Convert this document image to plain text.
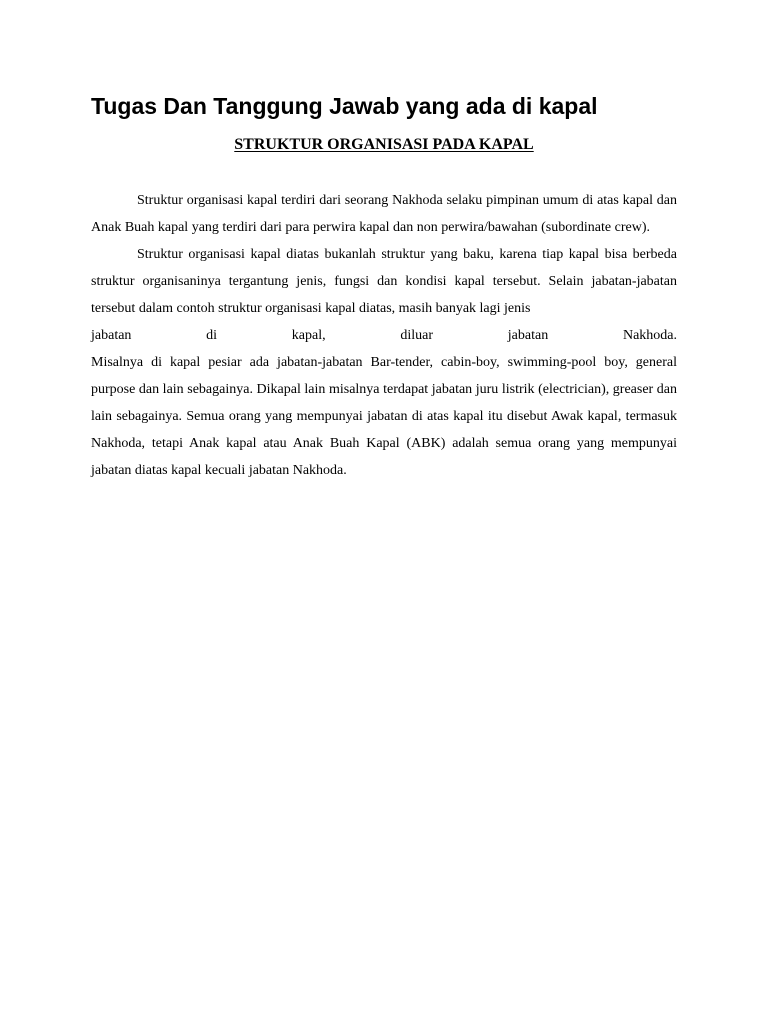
Tugas Dan Tanggung Jawab yang ada di kapal
STRUKTUR ORGANISASI PADA KAPAL

Struktur organisasi kapal terdiri dari seorang Nakhoda selaku pimpinan umum di atas kapal dan Anak Buah kapal yang terdiri dari para perwira kapal dan non perwira/bawahan (subordinate crew).

Struktur organisasi kapal diatas bukanlah struktur yang baku, karena tiap kapal bisa berbeda struktur organisaninya tergantung jenis, fungsi dan kondisi kapal tersebut. Selain jabatan-jabatan tersebut dalam contoh struktur organisasi kapal diatas, masih banyak lagi jenis

jabatan di kapal, diluar jabatan Nakhoda.

Misalnya di kapal pesiar ada jabatan-jabatan Bar-tender, cabin-boy, swimming-pool boy, general purpose dan lain sebagainya. Dikapal lain misalnya terdapat jabatan juru listrik (electrician), greaser dan lain sebagainya. Semua orang yang mempunyai jabatan di atas kapal itu disebut Awak kapal, termasuk Nakhoda, tetapi Anak kapal atau Anak Buah Kapal (ABK) adalah semua orang yang mempunyai jabatan diatas kapal kecuali jabatan Nakhoda.
